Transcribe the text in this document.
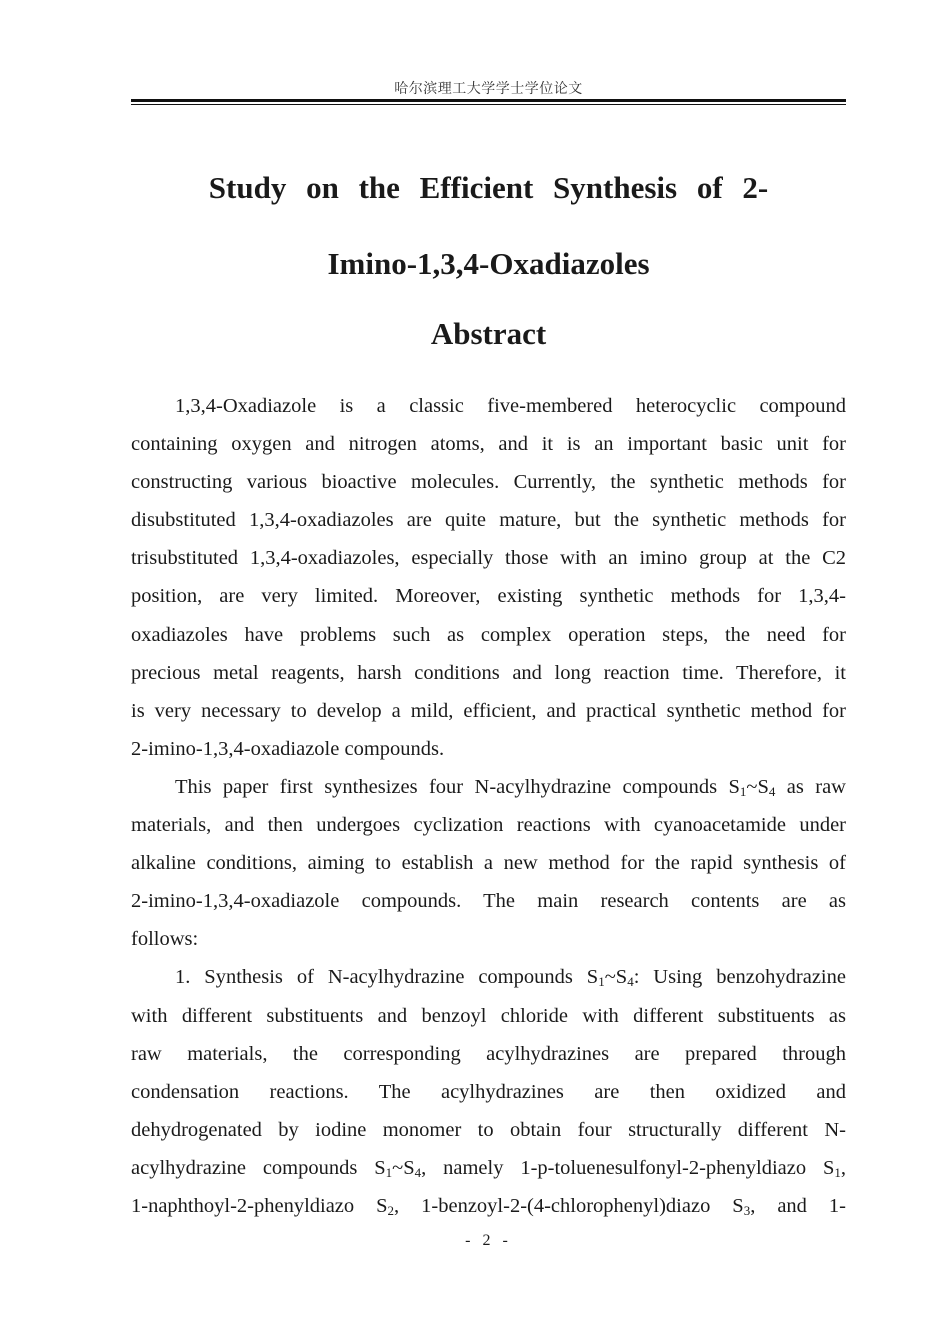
哈尔滨理工大学学士学位论文
Study on the Efficient Synthesis of 2-
Imino-1,3,4-Oxadiazoles
Abstract

1,3,4-Oxadiazole is a classic five-membered heterocyclic compound
containing oxygen and nitrogen atoms, and it is an important basic unit for
constructing various bioactive molecules. Currently, the synthetic methods for
disubstituted 1,3,4-oxadiazoles are quite mature, but the synthetic methods for
trisubstituted 1,3,4-oxadiazoles, especially those with an imino group at the C2
position, are very limited. Moreover, existing synthetic methods for 1,3,4-
oxadiazoles have problems such as complex operation steps, the need for
precious metal reagents, harsh conditions and long reaction time. Therefore, it
is very necessary to develop a mild, efficient, and practical synthetic method for
2-imino-1,3,4-oxadiazole compounds.

This paper first synthesizes four N-acylhydrazine compounds $S_1\sim S_4$ as raw
materials, and then undergoes cyclization reactions with cyanoacetamide under
alkaline conditions, aiming to establish a new method for the rapid synthesis of
2-imino-1,3,4-oxadiazole compounds. The main research contents are as
follows:

1. Synthesis of N-acylhydrazine compounds $S_1\sim S_4$: Using benzohydrazine
with different substituents and benzoyl chloride with different substituents as
raw materials, the corresponding acylhydrazines are prepared through
condensation reactions. The acylhydrazines are then oxidized and
dehydrogenated by iodine monomer to obtain four structurally different N-
acylhydrazine compounds $S_1\sim S_4$, namely 1-p-toluenesulfonyl-2-phenyldiazo $S_1$,
1-naphthoyl-2-phenyldiazo $S_2$, 1-benzoyl-2-(4-chlorophenyl)diazo $S_3$, and 1-

- 2 -
